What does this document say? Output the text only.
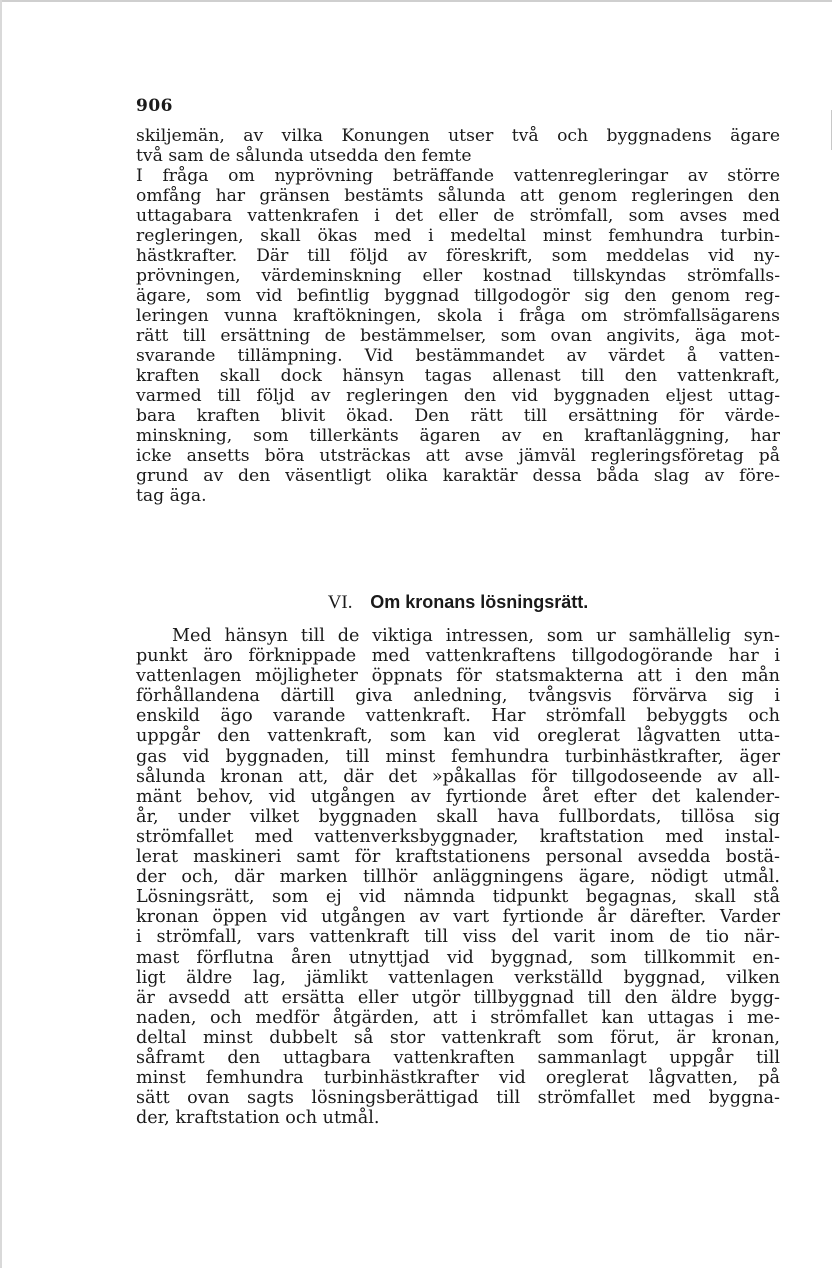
906
skiljemän, av vilka Konungen utser två och byggnadens ägare
två sam de sålunda utsedda den femte
I fråga om nyprövning beträffande vattenregleringar av större
omfång har gränsen bestämts sålunda att genom regleringen den
uttagabara vattenkrafen i det eller de strömfall, som avses med
regleringen, skall ökas med i medeltal minst femhundra turbin-
hästkrafter. Där till följd av föreskrift, som meddelas vid ny-
prövningen, värdeminskning eller kostnad tillskyndas strömfalls-
ägare, som vid befintlig byggnad tillgodogör sig den genom reg-
leringen vunna kraftökningen, skola i fråga om strömfallsägarens
rätt till ersättning de bestämmelser, som ovan angivits, äga mot-
svarande tillämpning. Vid bestämmandet av värdet å vatten-
kraften skall dock hänsyn tagas allenast till den vattenkraft,
varmed till följd av regleringen den vid byggnaden eljest uttag-
bara kraften blivit ökad. Den rätt till ersättning för värde-
minskning, som tillerkänts ägaren av en kraftanläggning, har
icke ansetts böra utsträckas att avse jämväl regleringsföretag på
grund av den väsentligt olika karaktär dessa båda slag av före-
tag äga.
VI. Om kronans lösningsrätt.
Med hänsyn till de viktiga intressen, som ur samhällelig syn-
punkt äro förknippade med vattenkraftens tillgodogörande har i
vattenlagen möjligheter öppnats för statsmakterna att i den mån
förhållandena därtill giva anledning, tvångsvis förvärva sig i
enskild ägo varande vattenkraft. Har strömfall bebyggts och
uppgår den vattenkraft, som kan vid oreglerat lågvatten utta-
gas vid byggnaden, till minst femhundra turbinhästkrafter, äger
sålunda kronan att, där det »påkallas för tillgodoseende av all-
mänt behov, vid utgången av fyrtionde året efter det kalender-
år, under vilket byggnaden skall hava fullbordats, tillösa sig
strömfallet med vattenverksbyggnader, kraftstation med instal-
lerat maskineri samt för kraftstationens personal avsedda bostä-
der och, där marken tillhör anläggningens ägare, nödigt utmål.
Lösningsrätt, som ej vid nämnda tidpunkt begagnas, skall stå
kronan öppen vid utgången av vart fyrtionde år därefter. Varder
i strömfall, vars vattenkraft till viss del varit inom de tio när-
mast förflutna åren utnyttjad vid byggnad, som tillkommit en-
ligt äldre lag, jämlikt vattenlagen verkställd byggnad, vilken
är avsedd att ersätta eller utgör tillbyggnad till den äldre bygg-
naden, och medför åtgärden, att i strömfallet kan uttagas i me-
deltal minst dubbelt så stor vattenkraft som förut, är kronan,
såframt den uttagbara vattenkraften sammanlagt uppgår till
minst femhundra turbinhästkrafter vid oreglerat lågvatten, på
sätt ovan sagts lösningsberättigad till strömfallet med byggna-
der, kraftstation och utmål.
